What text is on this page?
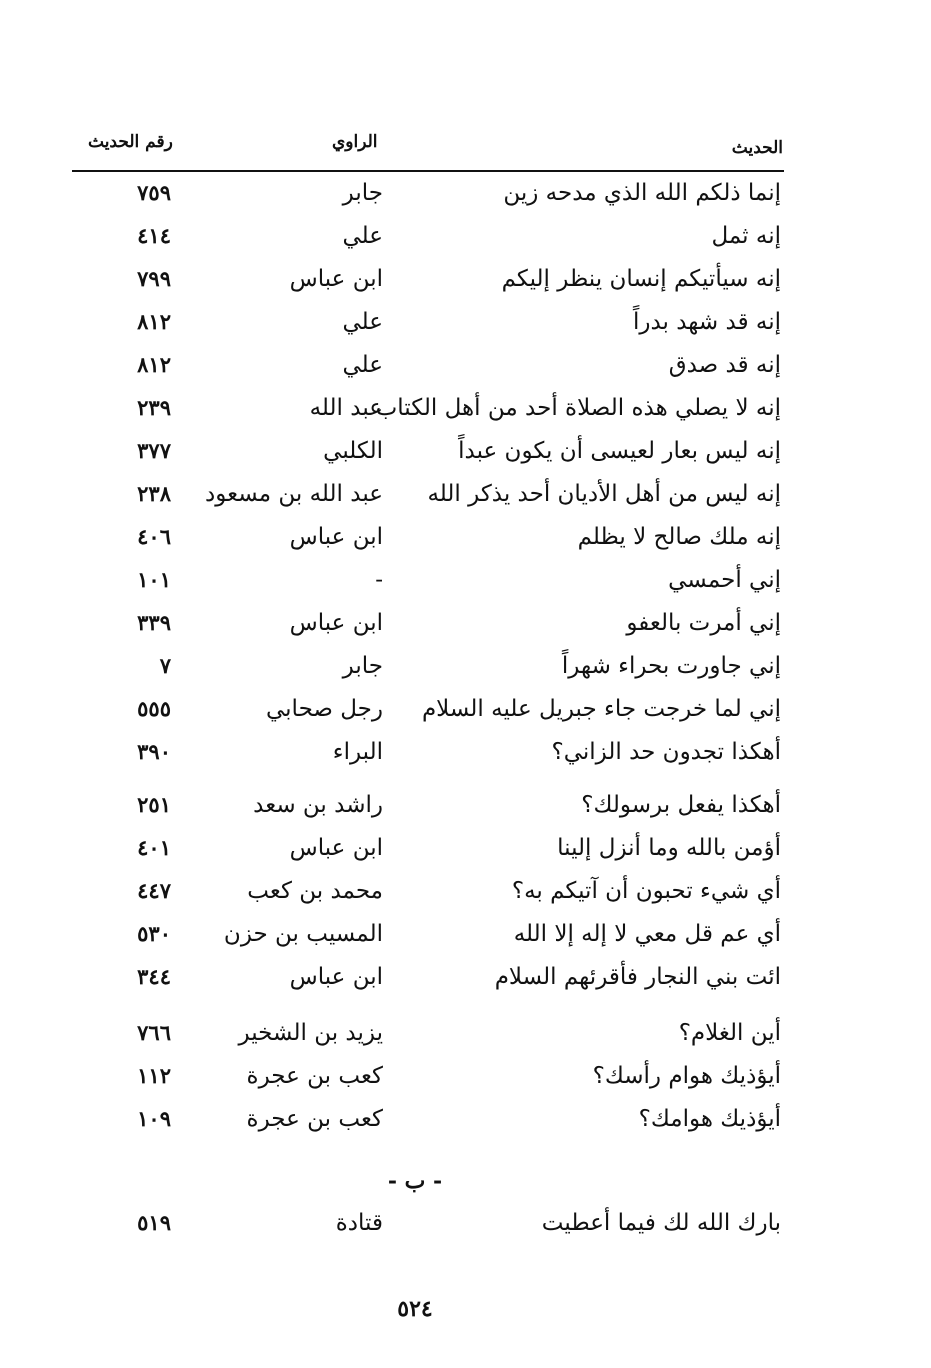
الحديث
الراوي
رقم الحديث
إنما ذلكم الله الذي مدحه زين
جابر
٧٥٩
إنه ثمل
علي
٤١٤
إنه سيأتيكم إنسان ينظر إليكم
ابن عباس
٧٩٩
إنه قد شهد بدراً
علي
٨١٢
إنه قد صدق
علي
٨١٢
إنه لا يصلي هذه الصلاة أحد من أهل الكتاب
عبد الله
٢٣٩
إنه ليس بعار لعيسى أن يكون عبداً
الكلبي
٣٧٧
إنه ليس من أهل الأديان أحد يذكر الله
عبد الله بن مسعود
٢٣٨
إنه ملك صالح لا يظلم
ابن عباس
٤٠٦
إني أحمسي
-
١٠١
إني أمرت بالعفو
ابن عباس
٣٣٩
إني جاورت بحراء شهراً
جابر
٧
إني لما خرجت جاء جبريل عليه السلام
رجل صحابي
٥٥٥
أهكذا تجدون حد الزاني؟
البراء
٣٩٠
أهكذا يفعل برسولك؟
راشد بن سعد
٢٥١
أؤمن بالله وما أنزل إلينا
ابن عباس
٤٠١
أي شيء تحبون أن آتيكم به؟
محمد بن كعب
٤٤٧
أي عم قل معي لا إله إلا الله
المسيب بن حزن
٥٣٠
ائت بني النجار فأقرئهم السلام
ابن عباس
٣٤٤
أين الغلام؟
يزيد بن الشخير
٧٦٦
أيؤذيك هوام رأسك؟
كعب بن عجرة
١١٢
أيؤذيك هوامك؟
كعب بن عجرة
١٠٩
- ب -
بارك الله لك فيما أعطيت
قتادة
٥١٩
٥٢٤
